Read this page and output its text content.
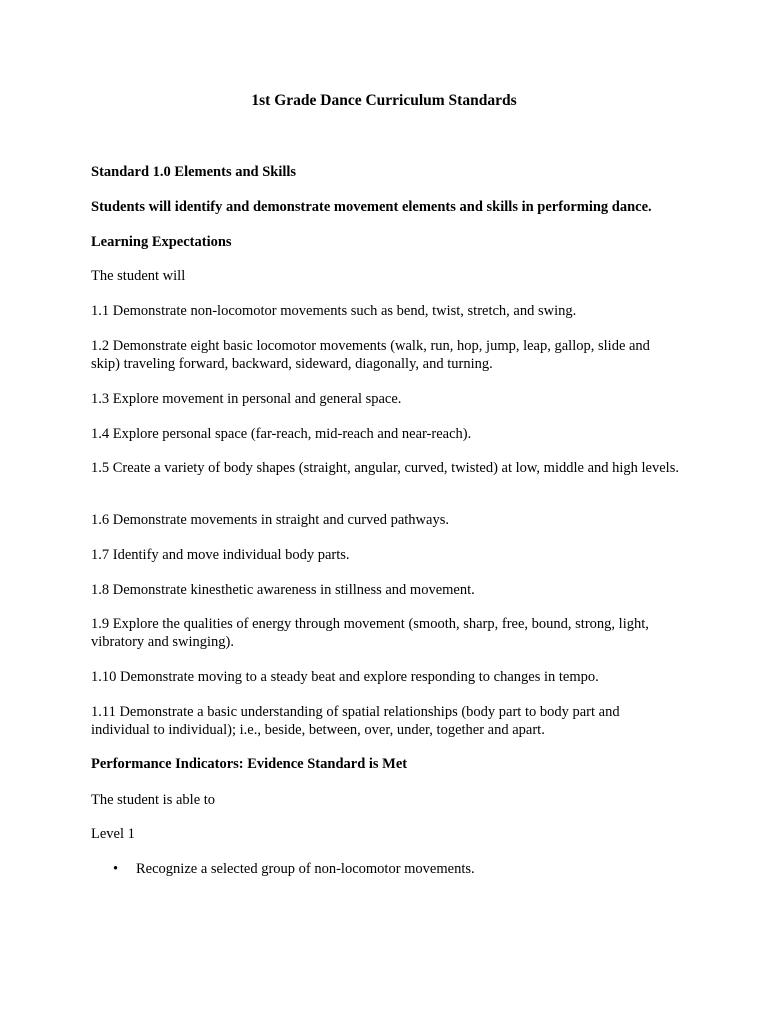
1st Grade Dance Curriculum Standards

Standard 1.0 Elements and Skills

Students will identify and demonstrate movement elements and skills in performing dance.

Learning Expectations

The student will

1.1 Demonstrate non-locomotor movements such as bend, twist, stretch, and swing.

1.2 Demonstrate eight basic locomotor movements (walk, run, hop, jump, leap, gallop, slide and skip) traveling forward, backward, sideward, diagonally, and turning.

1.3 Explore movement in personal and general space.

1.4 Explore personal space (far-reach, mid-reach and near-reach).

1.5 Create a variety of body shapes (straight, angular, curved, twisted) at low, middle and high levels.

1.6 Demonstrate movements in straight and curved pathways.

1.7 Identify and move individual body parts.

1.8 Demonstrate kinesthetic awareness in stillness and movement.

1.9 Explore the qualities of energy through movement (smooth, sharp, free, bound, strong, light, vibratory and swinging).

1.10 Demonstrate moving to a steady beat and explore responding to changes in tempo.

1.11 Demonstrate a basic understanding of spatial relationships (body part to body part and individual to individual); i.e., beside, between, over, under, together and apart.

Performance Indicators: Evidence Standard is Met

The student is able to

Level 1

• Recognize a selected group of non-locomotor movements.
